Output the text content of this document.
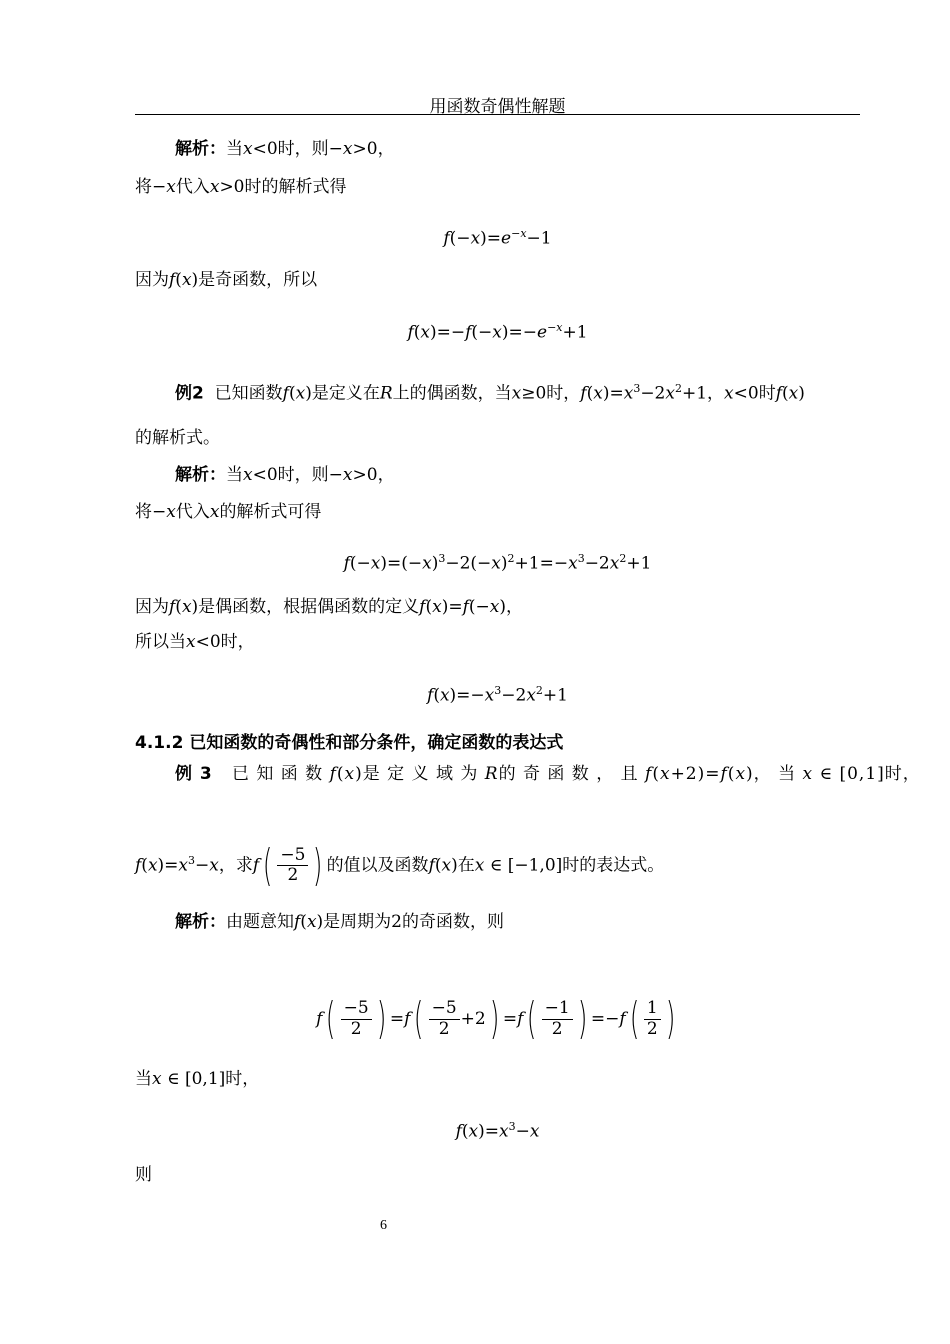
用函数奇偶性解题
解析：当x<0时，则−x>0，
将−x代入x>0时的解析式得
$f(-x)=e^{-x}-1$
因为f(x)是奇函数，所以
$f(x)=-f(-x)=-e^{-x}+1$
例2  已知函数f(x)是定义在R上的偶函数，当x≥0时，$f(x)=x^3-2x^2+1$，x<0时f(x)
的解析式。
解析：当x<0时，则−x>0，
将−x代入x的解析式可得
$f(-x)=(-x)^3-2(-x)^2+1=-x^3-2x^2+1$
因为f(x)是偶函数，根据偶函数的定义f(x)=f(−x)，
所以当x<0时，
$f(x)=-x^3-2x^2+1$
4.1.2 已知函数的奇偶性和部分条件，确定函数的表达式
例 3   已 知 函 数 f(x)是 定 义 域 为 R的 奇 函 数 ， 且 f(x+2)=f(x)， 当 x ∈ [0,1]时，
$f(x)=x^3-x$，求$f( \frac{-5}{2}$ ) 的值以及函数f(x)在x ∈ [−1,0]时的表达式。
解析：由题意知f(x)是周期为2的奇函数，则
$f( \frac{-5}{2}$ ) $=f( \frac{-5}{2} +2) =f( \frac{-1}{2}$ ) $=-f( \frac{1}{2}$ )
当x ∈ [0,1]时，
$f(x)=x^3-x$
则
6
